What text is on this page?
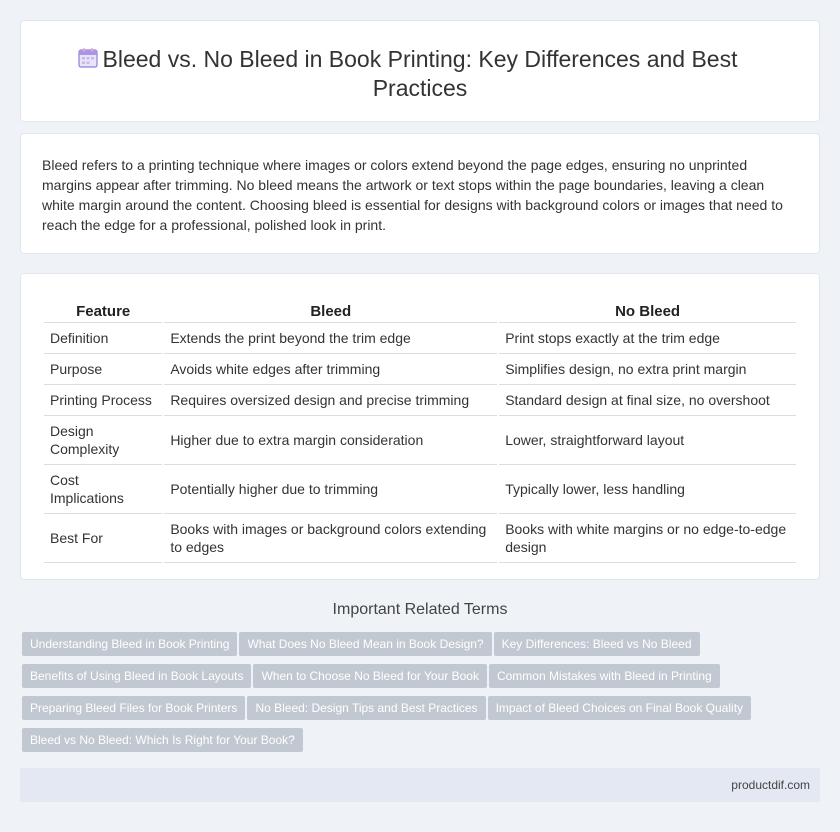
Bleed vs. No Bleed in Book Printing: Key Differences and Best Practices

Bleed refers to a printing technique where images or colors extend beyond the page edges, ensuring no unprinted margins appear after trimming. No bleed means the artwork or text stops within the page boundaries, leaving a clean white margin around the content. Choosing bleed is essential for designs with background colors or images that need to reach the edge for a professional, polished look in print.

Feature	Bleed	No Bleed
Definition	Extends the print beyond the trim edge	Print stops exactly at the trim edge
Purpose	Avoids white edges after trimming	Simplifies design, no extra print margin
Printing Process	Requires oversized design and precise trimming	Standard design at final size, no overshoot
Design Complexity	Higher due to extra margin consideration	Lower, straightforward layout
Cost Implications	Potentially higher due to trimming	Typically lower, less handling
Best For	Books with images or background colors extending to edges	Books with white margins or no edge-to-edge design
Important Related Terms
Understanding Bleed in Book Printing What Does No Bleed Mean in Book Design? Key Differences: Bleed vs No Bleed
Benefits of Using Bleed in Book Layouts When to Choose No Bleed for Your Book Common Mistakes with Bleed in Printing
Preparing Bleed Files for Book Printers No Bleed: Design Tips and Best Practices Impact of Bleed Choices on Final Book Quality
Bleed vs No Bleed: Which Is Right for Your Book?
productdif.com
